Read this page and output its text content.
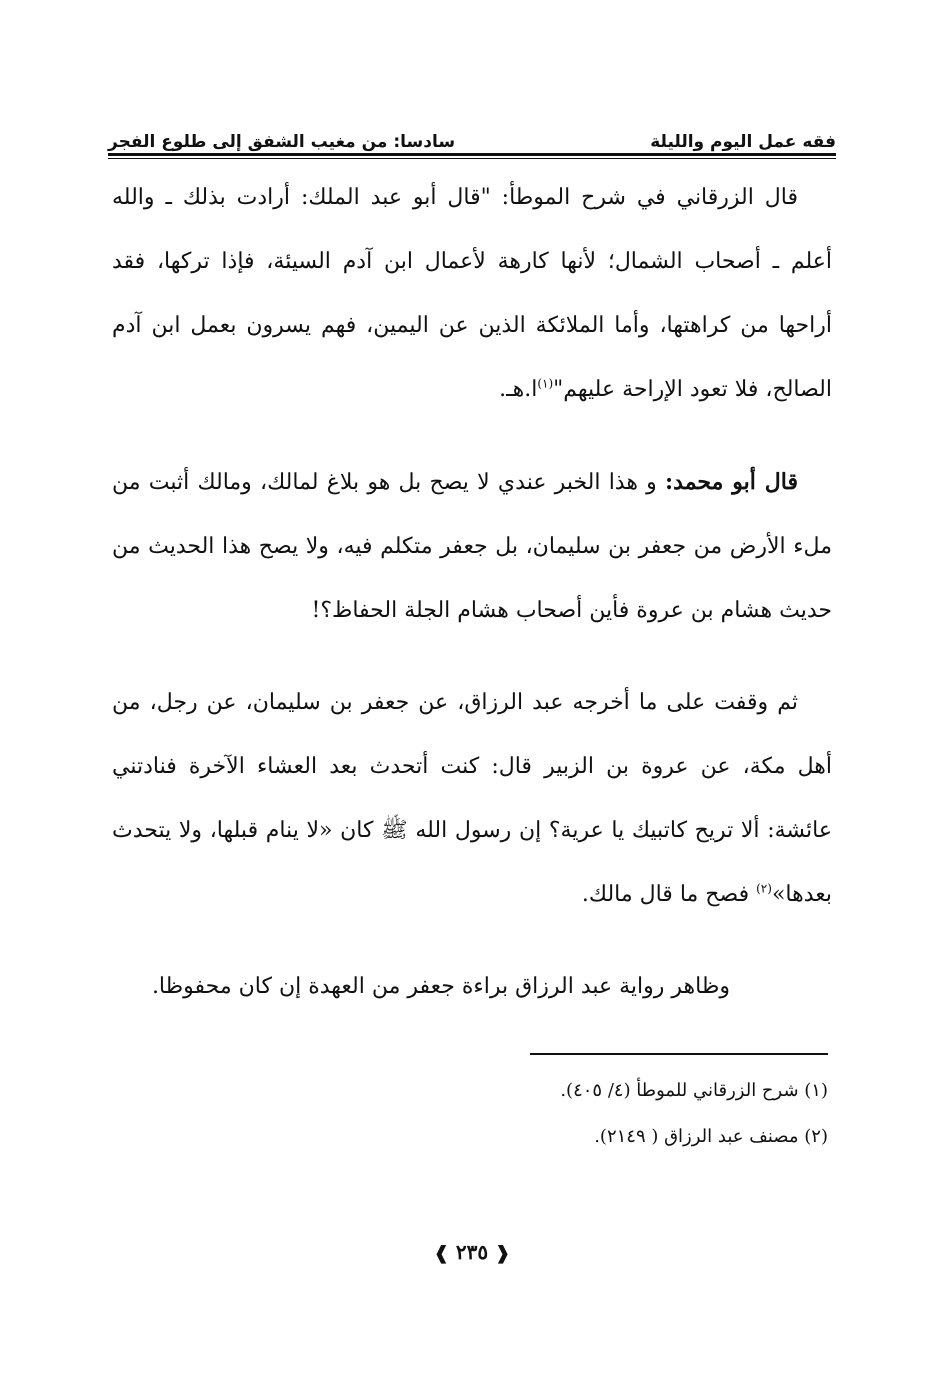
فقه عمل اليوم والليلة
سادسا: من مغيب الشفق إلى طلوع الفجر

قال الزرقاني في شرح الموطأ: "قال أبو عبد الملك: أرادت بذلك ـ والله أعلم ـ أصحاب الشمال؛ لأنها كارهة لأعمال ابن آدم السيئة، فإذا تركها، فقد أراحها من كراهتها، وأما الملائكة الذين عن اليمين، فهم يسرون بعمل ابن آدم الصالح، فلا تعود الإراحة عليهم"$^{(١)}$ا.هـ.

قال أبو محمد: و هذا الخبر عندي لا يصح بل هو بلاغ لمالك، ومالك أثبت من ملء الأرض من جعفر بن سليمان، بل جعفر متكلم فيه، ولا يصح هذا الحديث من حديث هشام بن عروة فأين أصحاب هشام الجلة الحفاظ؟!

ثم وقفت على ما أخرجه عبد الرزاق، عن جعفر بن سليمان، عن رجل، من أهل مكة، عن عروة بن الزبير قال: كنت أتحدث بعد العشاء الآخرة فنادتني عائشة: ألا تريح كاتبيك يا عرية؟ إن رسول الله ﷺ كان «لا ينام قبلها، ولا يتحدث بعدها»$^{(٢)}$ فصح ما قال مالك.

وظاهر رواية عبد الرزاق براءة جعفر من العهدة إن كان محفوظا.

(١) شرح الزرقاني للموطأ (٤/ ٤٠٥).

(٢) مصنف عبد الرزاق ( ٢١٤٩).

❰ ٢٣٥ ❱
